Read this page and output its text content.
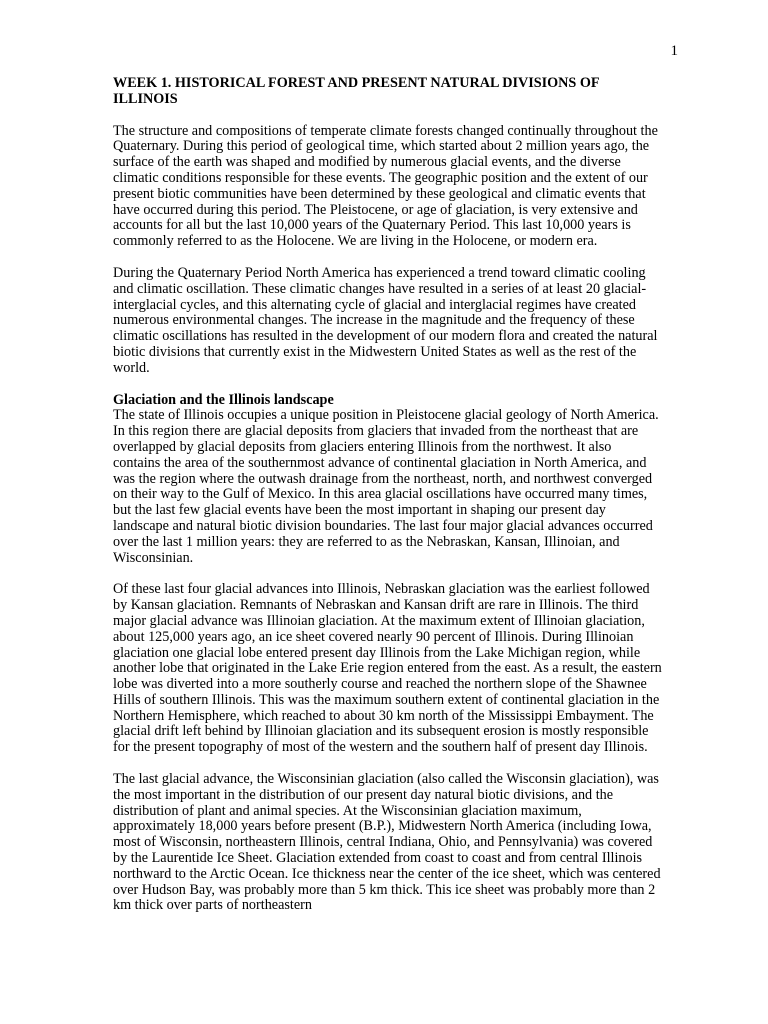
1
WEEK 1. HISTORICAL FOREST AND PRESENT NATURAL DIVISIONS OF ILLINOIS
The structure and compositions of temperate climate forests changed continually throughout the Quaternary. During this period of geological time, which started about 2 million years ago, the surface of the earth was shaped and modified by numerous glacial events, and the diverse climatic conditions responsible for these events. The geographic position and the extent of our present biotic communities have been determined by these geological and climatic events that have occurred during this period. The Pleistocene, or age of glaciation, is very extensive and accounts for all but the last 10,000 years of the Quaternary Period. This last 10,000 years is commonly referred to as the Holocene. We are living in the Holocene, or modern era.
During the Quaternary Period North America has experienced a trend toward climatic cooling and climatic oscillation. These climatic changes have resulted in a series of at least 20 glacial-interglacial cycles, and this alternating cycle of glacial and interglacial regimes have created numerous environmental changes. The increase in the magnitude and the frequency of these climatic oscillations has resulted in the development of our modern flora and created the natural biotic divisions that currently exist in the Midwestern United States as well as the rest of the world.
Glaciation and the Illinois landscape
The state of Illinois occupies a unique position in Pleistocene glacial geology of North America. In this region there are glacial deposits from glaciers that invaded from the northeast that are overlapped by glacial deposits from glaciers entering Illinois from the northwest. It also contains the area of the southernmost advance of continental glaciation in North America, and was the region where the outwash drainage from the northeast, north, and northwest converged on their way to the Gulf of Mexico. In this area glacial oscillations have occurred many times, but the last few glacial events have been the most important in shaping our present day landscape and natural biotic division boundaries. The last four major glacial advances occurred over the last 1 million years: they are referred to as the Nebraskan, Kansan, Illinoian, and Wisconsinian.
Of these last four glacial advances into Illinois, Nebraskan glaciation was the earliest followed by Kansan glaciation. Remnants of Nebraskan and Kansan drift are rare in Illinois. The third major glacial advance was Illinoian glaciation. At the maximum extent of Illinoian glaciation, about 125,000 years ago, an ice sheet covered nearly 90 percent of Illinois. During Illinoian glaciation one glacial lobe entered present day Illinois from the Lake Michigan region, while another lobe that originated in the Lake Erie region entered from the east. As a result, the eastern lobe was diverted into a more southerly course and reached the northern slope of the Shawnee Hills of southern Illinois. This was the maximum southern extent of continental glaciation in the Northern Hemisphere, which reached to about 30 km north of the Mississippi Embayment. The glacial drift left behind by Illinoian glaciation and its subsequent erosion is mostly responsible for the present topography of most of the western and the southern half of present day Illinois.
The last glacial advance, the Wisconsinian glaciation (also called the Wisconsin glaciation), was the most important in the distribution of our present day natural biotic divisions, and the distribution of plant and animal species. At the Wisconsinian glaciation maximum, approximately 18,000 years before present (B.P.), Midwestern North America (including Iowa, most of Wisconsin, northeastern Illinois, central Indiana, Ohio, and Pennsylvania) was covered by the Laurentide Ice Sheet. Glaciation extended from coast to coast and from central Illinois northward to the Arctic Ocean. Ice thickness near the center of the ice sheet, which was centered over Hudson Bay, was probably more than 5 km thick. This ice sheet was probably more than 2 km thick over parts of northeastern
